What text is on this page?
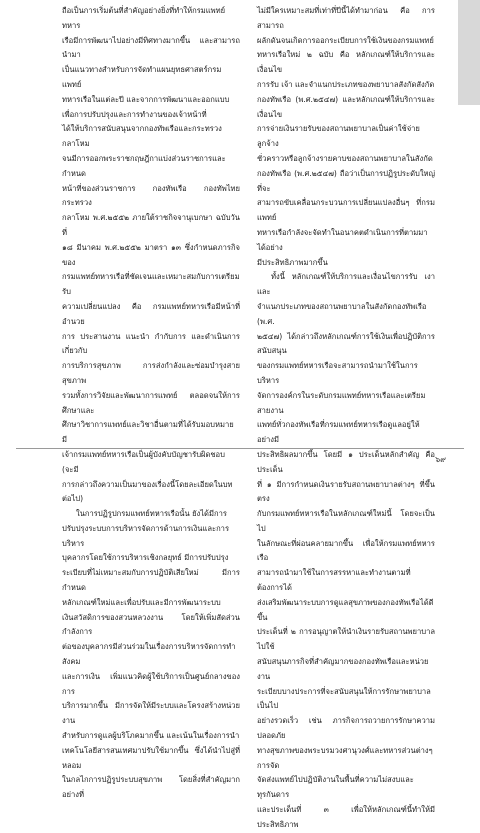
ถือเป็นการเริ่มต้นที่สำคัญอย่างยิ่งที่ทำให้กรมแพทย์ทหาร
เรือมีการพัฒนาไปอย่างมีทิศทางมากขึ้น และสามารถนำมา
เป็นแนวทางสำหรับการจัดทำแผนยุทธศาสตร์กรมแพทย์
ทหารเรือในแต่ละปี และจากการพัฒนาและออกแบบ
เพื่อการปรับปรุงและการทำงานของเจ้าหน้าที่
ได้ให้บริการสนับสนุนจากกองทัพเรือและกระทรวงกลาโหม
จนมีการออกพระราชกฤษฎีกาแบ่งส่วนราชการและกำหนด
หน้าที่ของส่วนราชการ กองทัพเรือ กองทัพไทย กระทรวง
กลาโหม พ.ศ.๒๕๕๒ ภายใต้ราชกิจจานุเบกษา ฉบับวันที่
๑๘ มีนาคม พ.ศ.๒๕๕๒ มาตรา ๑๓ ซึ่งกำหนดภารกิจของ
กรมแพทย์ทหารเรือที่ชัดเจนและเหมาะสมกับการเตรียมรับ
ความเปลี่ยนแปลง คือ กรมแพทย์ทหารเรือมีหน้าที่อำนวย
การ ประสานงาน แนะนำ กำกับการ และดำเนินการเกี่ยวกับ
การบริการสุขภาพ การส่งกำลังและซ่อมบำรุงสายสุขภาพ
รวมทั้งการวิจัยและพัฒนาการแพทย์ ตลอดจนให้การศึกษาและ
ศึกษาวิชาการแพทย์และวิชาอื่นตามที่ได้รับมอบหมาย มี
เจ้ากรมแพทย์ทหารเรือเป็นผู้บังคับบัญชารับผิดชอบ (จะมี
การกล่าวถึงความเป็นมาของเรื่องนี้โดยละเอียดในบทต่อไป)

ในการปฏิรูปกรมแพทย์ทหารเรือนั้น ยังได้มีการ
ปรับปรุงระบบการบริหารจัดการด้านการเงินและการบริหาร
บุคลากรโดยใช้การบริหารเชิงกลยุทธ์ มีการปรับปรุง
ระเบียบที่ไม่เหมาะสมกับการปฏิบัติเสียใหม่ มีการกำหนด
หลักเกณฑ์ใหม่และเพื่อปรับและมีการพัฒนาระบบ
เงินสวัสดิการของสวนหลวงงาน โดยให้เพิ่มสัดส่วนกำลังการ
ต่อของบุคลากรมีส่วนร่วมในเรื่องการบริหารจัดการทำสังคม
และการเงิน เพิ่มแนวคิดผู้ใช้บริการเป็นศูนย์กลางของการ
บริการมากขึ้น มีการจัดให้มีระบบและโครงสร้างหน่วยงาน
สำหรับการดูแลผู้บริโภคมากขึ้น และเน้นในเรื่องการนำ
เทคโนโลยีสารสนเทศมาปรับใช้มากขึ้น ซึ่งได้นำไปสู่ที่หลอม
ในกลไกการปฏิรูประบบสุขภาพ โดยสิ่งที่สำคัญมากอย่างที่

ไม่มีใครเหมาะสมที่เท่าที่ปีนี้ได้ทำมาก่อน คือ การสามารถ
ผลักดันจนเกิดการออกระเบียบการใช้เงินของกรมแพทย์
ทหารเรือใหม่ ๒ ฉบับ คือ หลักเกณฑ์ให้บริการและเงื่อนไข
การรับ เจ้า และจำแนกประเภทของพยาบาลสังกัดสังกัด
กองทัพเรือ (พ.ศ.๒๕๔๗) และหลักเกณฑ์ให้บริการและเงื่อนไข
การจ่ายเงินรายรับของสถานพยาบาลเป็นค่าใช้จ่ายลูกจ้าง
ชั่วคราวหรือลูกจ้างรายคาบของสถานพยาบาลในสังกัด
กองทัพเรือ (พ.ศ.๒๕๔๗) ถือว่าเป็นการปฏิรูประดับใหญ่ที่จะ
สามารถขับเคลื่อนกระบวนการเปลี่ยนแปลงอื่นๆ ที่กรมแพทย์
ทหารเรือกำลังจะจัดทำในอนาคตดำเนินการที่ตามมาได้อย่าง
มีประสิทธิภาพมากขึ้น

ทั้งนี้ หลักเกณฑ์ให้บริการและเงื่อนไขการรับ เงา และ
จำแนกประเภทของสถานพยาบาลในสังกัดกองทัพเรือ (พ.ศ.
๒๕๔๗) ได้กล่าวถึงหลักเกณฑ์การใช้เงินเพื่อปฏิบัติการสนับสนุน
ของกรมแพทย์ทหารเรือจะสามารถนำมาใช้ในการบริหาร
จัดการองค์กรในระดับกรมแพทย์ทหารเรือและเตรียมสายงาน
แพทย์ทั่วกองทัพเรือที่กรมแพทย์ทหารเรือดูแลอยู่ให้อย่างมี
ประสิทธิผลมากขึ้น โดยมี ๑ ประเด็นหลักสำคัญ คือ ประเด็น
ที่ ๑ มีการกำหนดเงินรายรับสถานพยาบาลต่างๆ ที่ขึ้นตรง
กับกรมแพทย์ทหารเรือในหลักเกณฑ์ใหม่นี้ โดยจะเป็นไป
ในลักษณะที่ผ่อนคลายมากขึ้น เพื่อให้กรมแพทย์ทหารเรือ
สามารถนำมาใช้ในการสรรหาและทำงานตามที่ต้องการได้
ส่งเสริมพัฒนาระบบการดูแลสุขภาพของกองทัพเรือได้ดีขึ้น
ประเด็นที่ ๒ การอนุญาตให้นำเงินรายรับสถานพยาบาลไปใช้
สนับสนุนภารกิจที่สำคัญมากของกองทัพเรือและหน่วยงาน
ระเบียบบางประการที่จะสนับสนุนให้การรักษาพยาบาลเป็นไป
อย่างรวดเร็ว เช่น ภารกิจการถวายการรักษาความปลอดภัย
ทางสุขภาพของพระบรมวงศานุวงศ์และทหารส่วนต่างๆ การจัด
จัดส่งแพทย์ไปปฏิบัติงานในพื้นที่ความไม่สงบและทุรกันดาร
และประเด็นที่ ๓ เพื่อให้หลักเกณฑ์นี้ทำให้มีประสิทธิภาพ

๖๙
